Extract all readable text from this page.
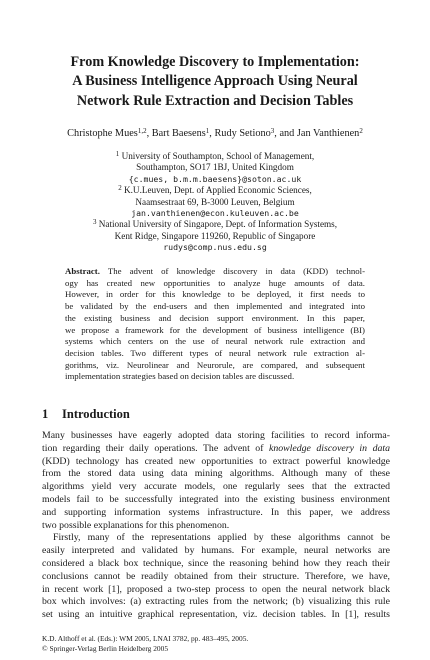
From Knowledge Discovery to Implementation:
A Business Intelligence Approach Using Neural
Network Rule Extraction and Decision Tables
Christophe Mues$^{1,2}$, Bart Baesens$^1$, Rudy Setiono$^3$, and Jan Vanthienen$^2$
$^1$ University of Southampton, School of Management,
Southampton, SO17 1BJ, United Kingdom
{c.mues, b.m.m.baesens}@soton.ac.uk
$^2$ K.U.Leuven, Dept. of Applied Economic Sciences,
Naamsestraat 69, B-3000 Leuven, Belgium
jan.vanthienen@econ.kuleuven.ac.be
$^3$ National University of Singapore, Dept. of Information Systems,
Kent Ridge, Singapore 119260, Republic of Singapore
rudys@comp.nus.edu.sg
Abstract. The advent of knowledge discovery in data (KDD) technol-
ogy has created new opportunities to analyze huge amounts of data.
However, in order for this knowledge to be deployed, it first needs to
be validated by the end-users and then implemented and integrated into
the existing business and decision support environment. In this paper,
we propose a framework for the development of business intelligence (BI)
systems which centers on the use of neural network rule extraction and
decision tables. Two different types of neural network rule extraction al-
gorithms, viz. Neurolinear and Neurorule, are compared, and subsequent
implementation strategies based on decision tables are discussed.
1 Introduction
Many businesses have eagerly adopted data storing facilities to record informa-
tion regarding their daily operations. The advent of knowledge discovery in data
(KDD) technology has created new opportunities to extract powerful knowledge
from the stored data using data mining algorithms. Although many of these
algorithms yield very accurate models, one regularly sees that the extracted
models fail to be successfully integrated into the existing business environment
and supporting information systems infrastructure. In this paper, we address
two possible explanations for this phenomenon.
Firstly, many of the representations applied by these algorithms cannot be
easily interpreted and validated by humans. For example, neural networks are
considered a black box technique, since the reasoning behind how they reach their
conclusions cannot be readily obtained from their structure. Therefore, we have,
in recent work [1], proposed a two-step process to open the neural network black
box which involves: (a) extracting rules from the network; (b) visualizing this rule
set using an intuitive graphical representation, viz. decision tables. In [1], results
K.D. Althoff et al. (Eds.): WM 2005, LNAI 3782, pp. 483–495, 2005.
© Springer-Verlag Berlin Heidelberg 2005
